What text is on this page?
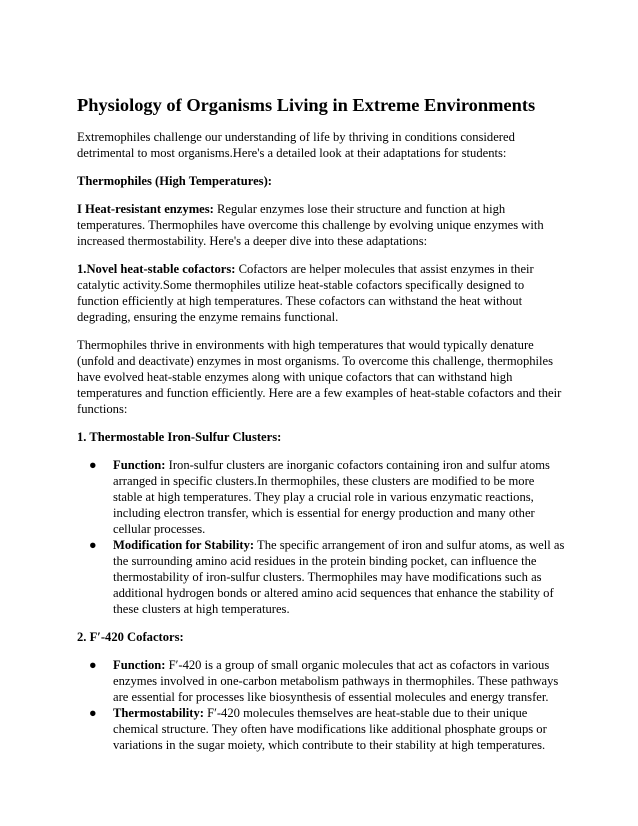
Physiology of Organisms Living in Extreme Environments

Extremophiles challenge our understanding of life by thriving in conditions considered detrimental to most organisms.Here's a detailed look at their adaptations for students:

Thermophiles (High Temperatures):

I Heat-resistant enzymes: Regular enzymes lose their structure and function at high temperatures. Thermophiles have overcome this challenge by evolving unique enzymes with increased thermostability. Here's a deeper dive into these adaptations:

1.Novel heat-stable cofactors: Cofactors are helper molecules that assist enzymes in their catalytic activity.Some thermophiles utilize heat-stable cofactors specifically designed to function efficiently at high temperatures. These cofactors can withstand the heat without degrading, ensuring the enzyme remains functional.

Thermophiles thrive in environments with high temperatures that would typically denature (unfold and deactivate) enzymes in most organisms. To overcome this challenge, thermophiles have evolved heat-stable enzymes along with unique cofactors that can withstand high temperatures and function efficiently. Here are a few examples of heat-stable cofactors and their functions:

1. Thermostable Iron-Sulfur Clusters:
● Function: Iron-sulfur clusters are inorganic cofactors containing iron and sulfur atoms arranged in specific clusters.In thermophiles, these clusters are modified to be more stable at high temperatures. They play a crucial role in various enzymatic reactions, including electron transfer, which is essential for energy production and many other cellular processes.
● Modification for Stability: The specific arrangement of iron and sulfur atoms, as well as the surrounding amino acid residues in the protein binding pocket, can influence the thermostability of iron-sulfur clusters. Thermophiles may have modifications such as additional hydrogen bonds or altered amino acid sequences that enhance the stability of these clusters at high temperatures.
2. F′-420 Cofactors:
● Function: F′-420 is a group of small organic molecules that act as cofactors in various enzymes involved in one-carbon metabolism pathways in thermophiles. These pathways are essential for processes like biosynthesis of essential molecules and energy transfer.
● Thermostability: F′-420 molecules themselves are heat-stable due to their unique chemical structure. They often have modifications like additional phosphate groups or variations in the sugar moiety, which contribute to their stability at high temperatures.
